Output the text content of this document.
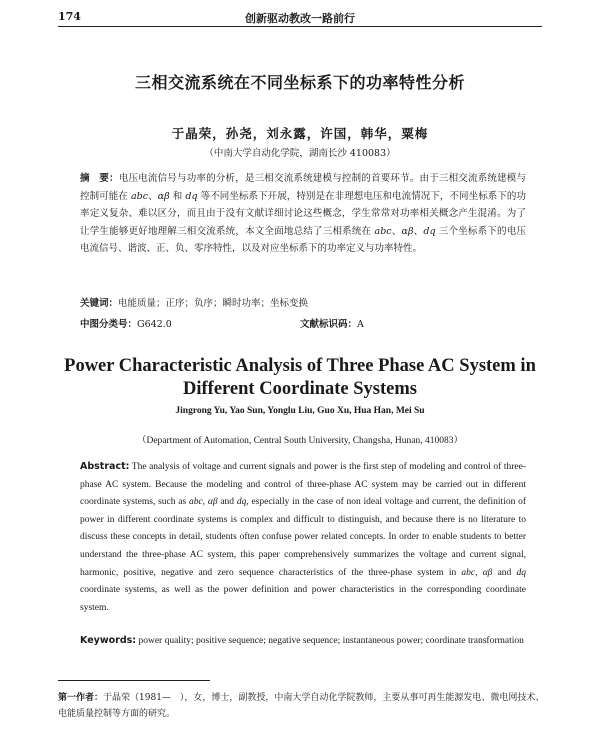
174	创新驱动教改一路前行
三相交流系统在不同坐标系下的功率特性分析
于晶荣，孙尧，刘永露，许国，韩华，粟梅
（中南大学自动化学院，湖南长沙 410083）
摘　要：电压电流信号与功率的分析，是三相交流系统建模与控制的首要环节。由于三相交流系统建模与控制可能在 abc、αβ 和 dq 等不同坐标系下开展，特别是在非理想电压和电流情况下，不同坐标系下的功率定义复杂、难以区分，而且由于没有文献详细讨论这些概念，学生常常对功率相关概念产生混淆。为了让学生能够更好地理解三相交流系统，本文全面地总结了三相系统在 abc、αβ、dq 三个坐标系下的电压电流信号、谐波、正、负、零序特性，以及对应坐标系下的功率定义与功率特性。
关键词：电能质量；正序；负序；瞬时功率；坐标变换
中图分类号：G642.0	文献标识码：A
Power Characteristic Analysis of Three Phase AC System in
Different Coordinate Systems
Jingrong Yu, Yao Sun, Yonglu Liu, Guo Xu, Hua Han, Mei Su
（Department of Automation, Central South University, Changsha, Hunan, 410083）
Abstract: The analysis of voltage and current signals and power is the first step of modeling and control of three-phase AC system. Because the modeling and control of three-phase AC system may be carried out in different coordinate systems, such as abc, αβ and dq, especially in the case of non ideal voltage and current, the definition of power in different coordinate systems is complex and difficult to distinguish, and because there is no literature to discuss these concepts in detail, students often confuse power related concepts. In order to enable students to better understand the three-phase AC system, this paper comprehensively summarizes the voltage and current signal, harmonic, positive, negative and zero sequence characteristics of the three-phase system in abc, αβ and dq coordinate systems, as well as the power definition and power characteristics in the corresponding coordinate system.
Keywords: power quality; positive sequence; negative sequence; instantaneous power; coordinate transformation
第一作者：于晶荣（1981—　），女，博士，副教授，中南大学自动化学院教师，主要从事可再生能源发电、微电网技术、电能质量控制等方面的研究。
